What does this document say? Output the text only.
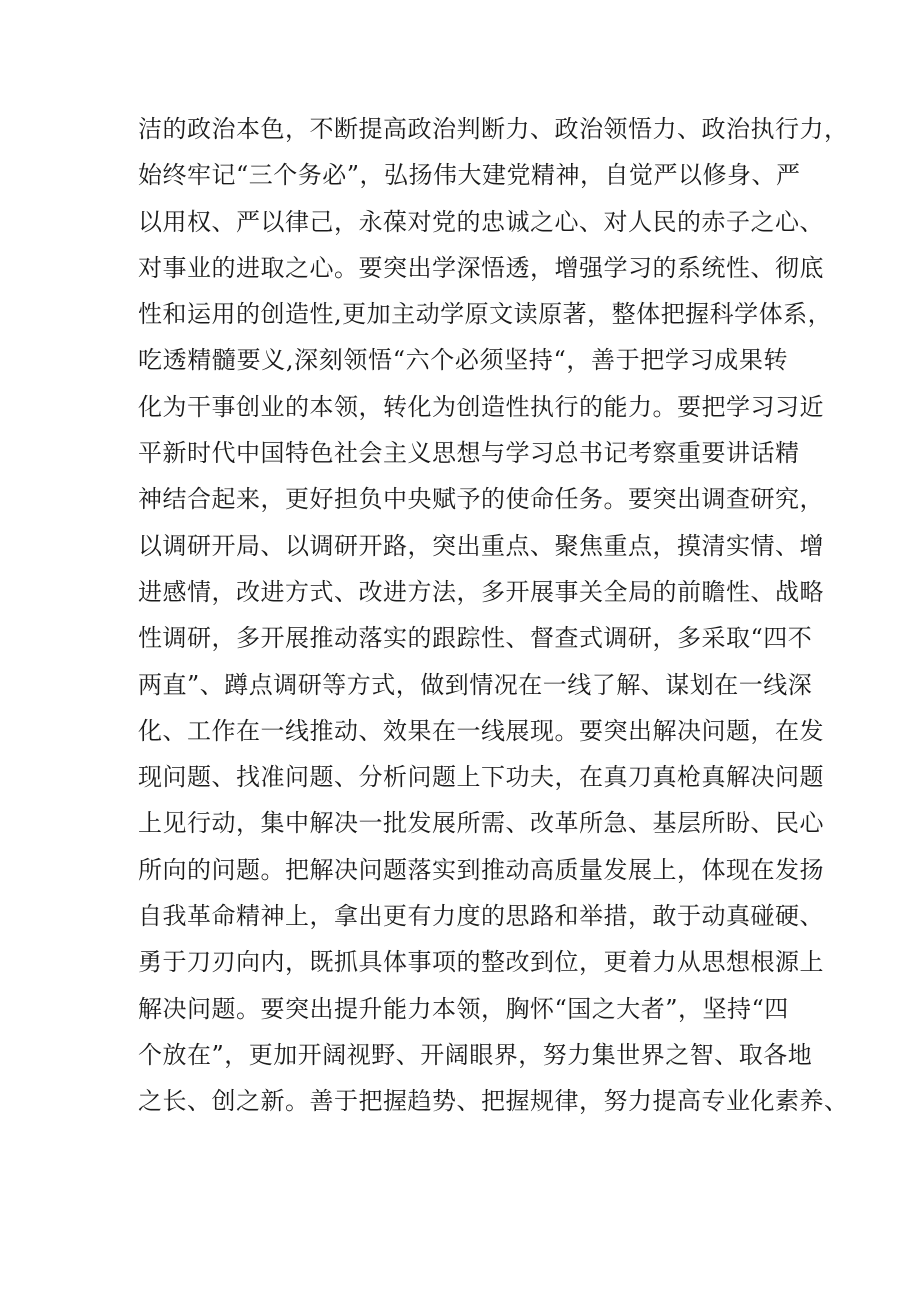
洁的政治本色，不断提高政治判断力、政治领悟力、政治执行力，
始终牢记“三个务必”，弘扬伟大建党精神，自觉严以修身、严
以用权、严以律己，永葆对党的忠诚之心、对人民的赤子之心、
对事业的进取之心。要突出学深悟透，增强学习的系统性、彻底
性和运用的创造性,更加主动学原文读原著，整体把握科学体系，
吃透精髓要义,深刻领悟“六个必须坚持“，善于把学习成果转
化为干事创业的本领，转化为创造性执行的能力。要把学习习近
平新时代中国特色社会主义思想与学习总书记考察重要讲话精
神结合起来，更好担负中央赋予的使命任务。要突出调查研究，
以调研开局、以调研开路，突出重点、聚焦重点，摸清实情、增
进感情，改进方式、改进方法，多开展事关全局的前瞻性、战略
性调研，多开展推动落实的跟踪性、督查式调研，多采取“四不
两直”、蹲点调研等方式，做到情况在一线了解、谋划在一线深
化、工作在一线推动、效果在一线展现。要突出解决问题，在发
现问题、找准问题、分析问题上下功夫，在真刀真枪真解决问题
上见行动，集中解决一批发展所需、改革所急、基层所盼、民心
所向的问题。把解决问题落实到推动高质量发展上，体现在发扬
自我革命精神上，拿出更有力度的思路和举措，敢于动真碰硬、
勇于刀刃向内，既抓具体事项的整改到位，更着力从思想根源上
解决问题。要突出提升能力本领，胸怀“国之大者”，坚持“四
个放在”，更加开阔视野、开阔眼界，努力集世界之智、取各地
之长、创之新。善于把握趋势、把握规律，努力提高专业化素养、
